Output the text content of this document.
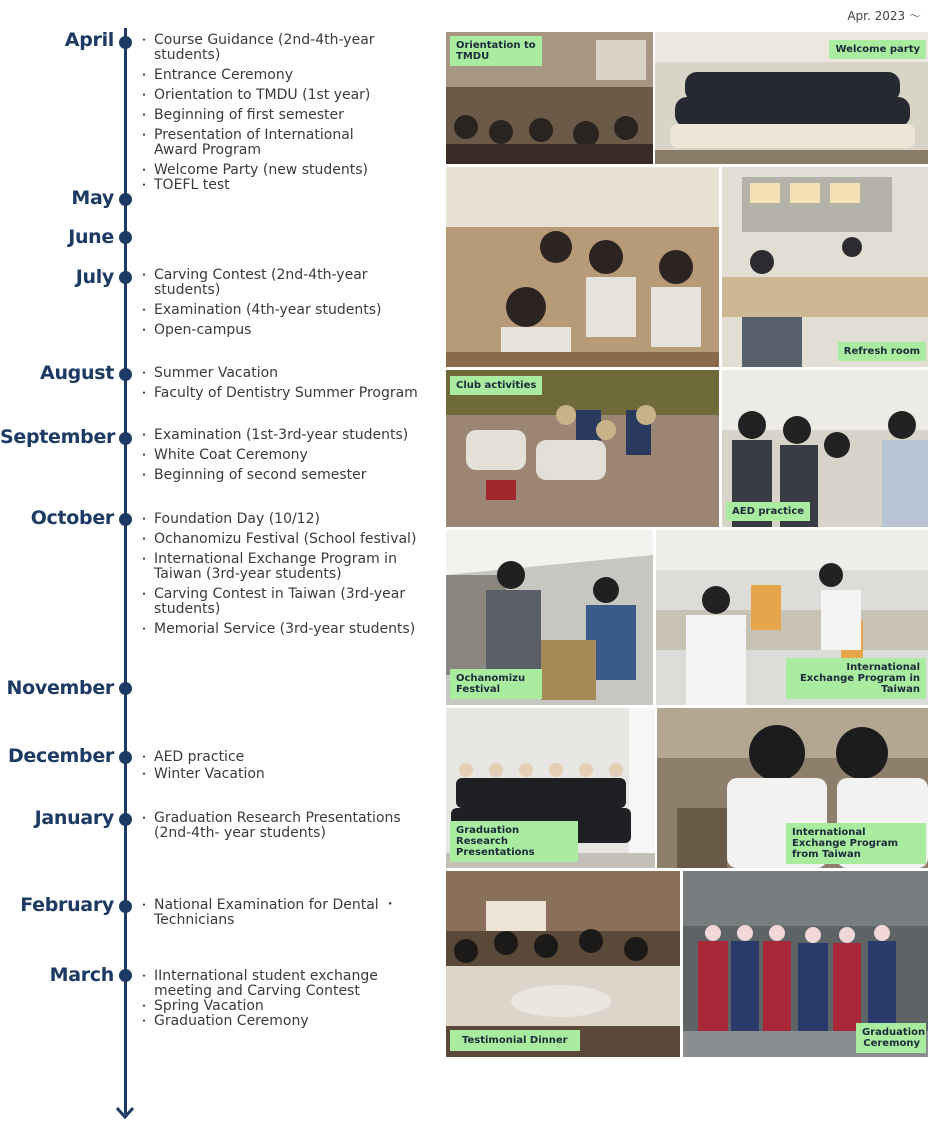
Apr. 2023 ～
April	・ Course Guidance (2nd-4th-year students)
・ Entrance Ceremony
・ Orientation to TMDU (1st year)
・ Beginning of first semester
・ Presentation of International Award Program
・ Welcome Party (new students)
・ TOEFL test
May
June
July	・ Carving Contest (2nd-4th-year students)
・ Examination (4th-year students)
・ Open-campus
August	・ Summer Vacation
・ Faculty of Dentistry Summer Program
September	・ Examination (1st-3rd-year students)
・ White Coat Ceremony
・ Beginning of second semester
October	・ Foundation Day (10/12)
・ Ochanomizu Festival (School festival)
・ International Exchange Program in Taiwan (3rd-year students)
・ Carving Contest in Taiwan (3rd-year students)
・ Memorial Service (3rd-year students)
November
December	・ AED practice
・ Winter Vacation
January	・ Graduation Research Presentations (2nd-4th- year students)
February	・ National Examination for Dental ・ Technicians
March	・ IInternational student exchange meeting and Carving Contest
・ Spring Vacation
・ Graduation Ceremony
Orientation to TMDU
Welcome party
Refresh room
Club activities
AED practice
Ochanomizu Festival
International Exchange Program in Taiwan
Graduation Research Presentations
International Exchange Program from Taiwan
Testimonial Dinner
Graduation Ceremony
